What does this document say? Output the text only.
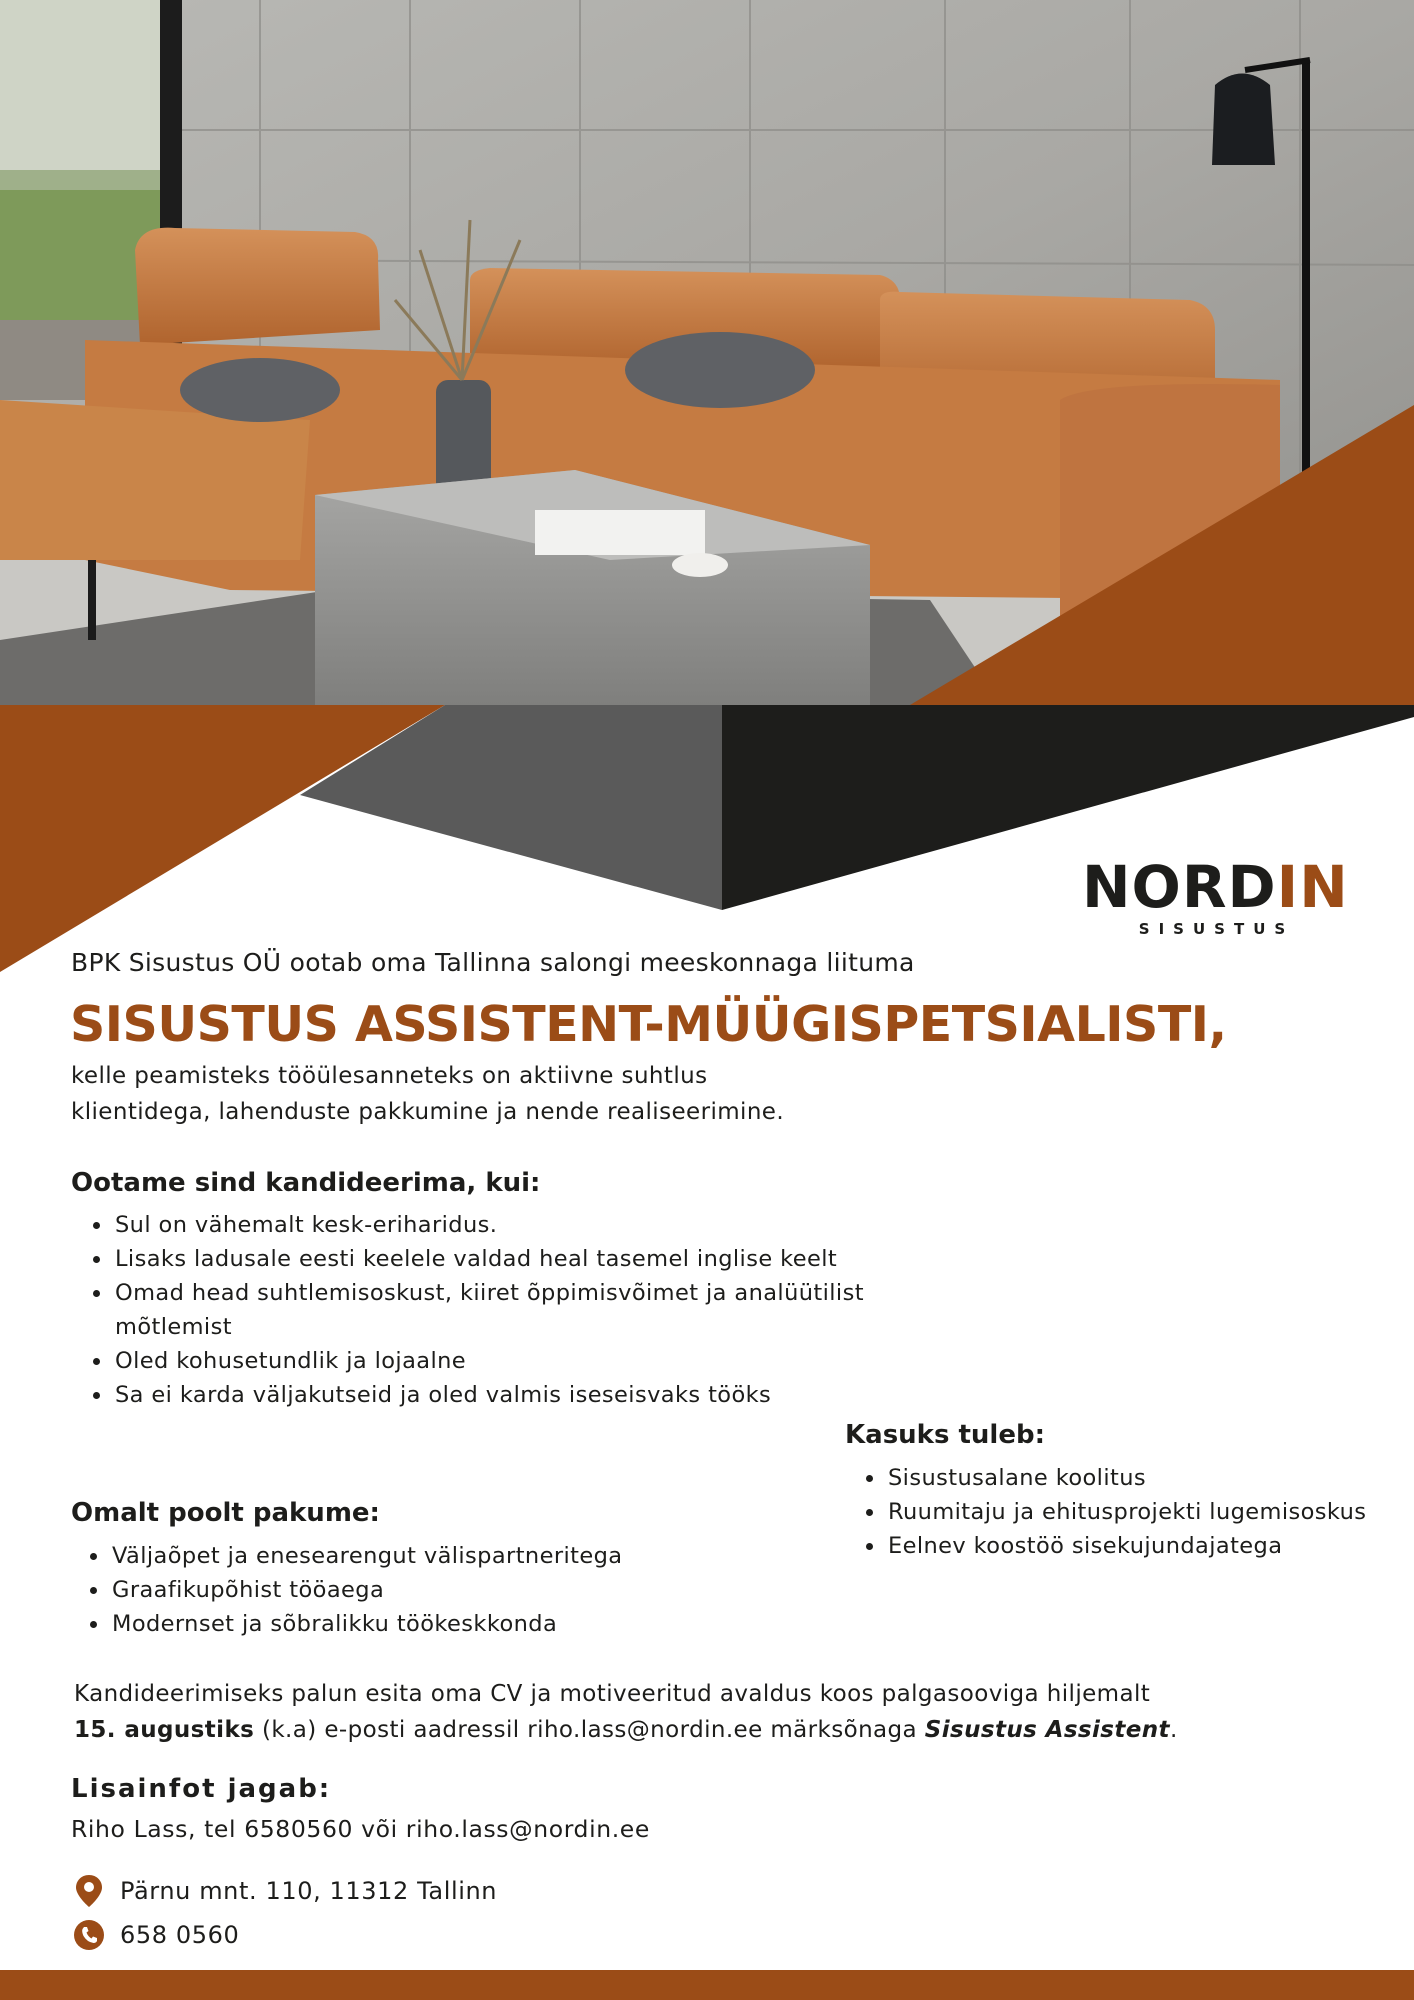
NORDIN
SISUSTUS
BPK Sisustus OÜ ootab oma Tallinna salongi meeskonnaga liituma
SISUSTUS ASSISTENT-MÜÜGISPETSIALISTI,
kelle peamisteks tööülesanneteks on aktiivne suhtlus
klientidega, lahenduste pakkumine ja nende realiseerimine.
Ootame sind kandideerima, kui:
• Sul on vähemalt kesk-eriharidus.
• Lisaks ladusale eesti keelele valdad heal tasemel inglise keelt
• Omad head suhtlemisoskust, kiiret õppimisvõimet ja analüütilist mõtlemist
• Oled kohusetundlik ja lojaalne
• Sa ei karda väljakutseid ja oled valmis iseseisvaks tööks
Kasuks tuleb:
• Sisustusalane koolitus
• Ruumitaju ja ehitusprojekti lugemisoskus
• Eelnev koostöö sisekujundajatega
Omalt poolt pakume:
• Väljaõpet ja enesearengut välispartneritega
• Graafikupõhist tööaega
• Modernset ja sõbralikku töökeskkonda
Kandideerimiseks palun esita oma CV ja motiveeritud avaldus koos palgasooviga hiljemalt
15. augustiks (k.a) e-posti aadressil riho.lass@nordin.ee märksõnaga Sisustus Assistent.
Lisainfot jagab:
Riho Lass, tel 6580560 või riho.lass@nordin.ee
Pärnu mnt. 110, 11312 Tallinn
658 0560
